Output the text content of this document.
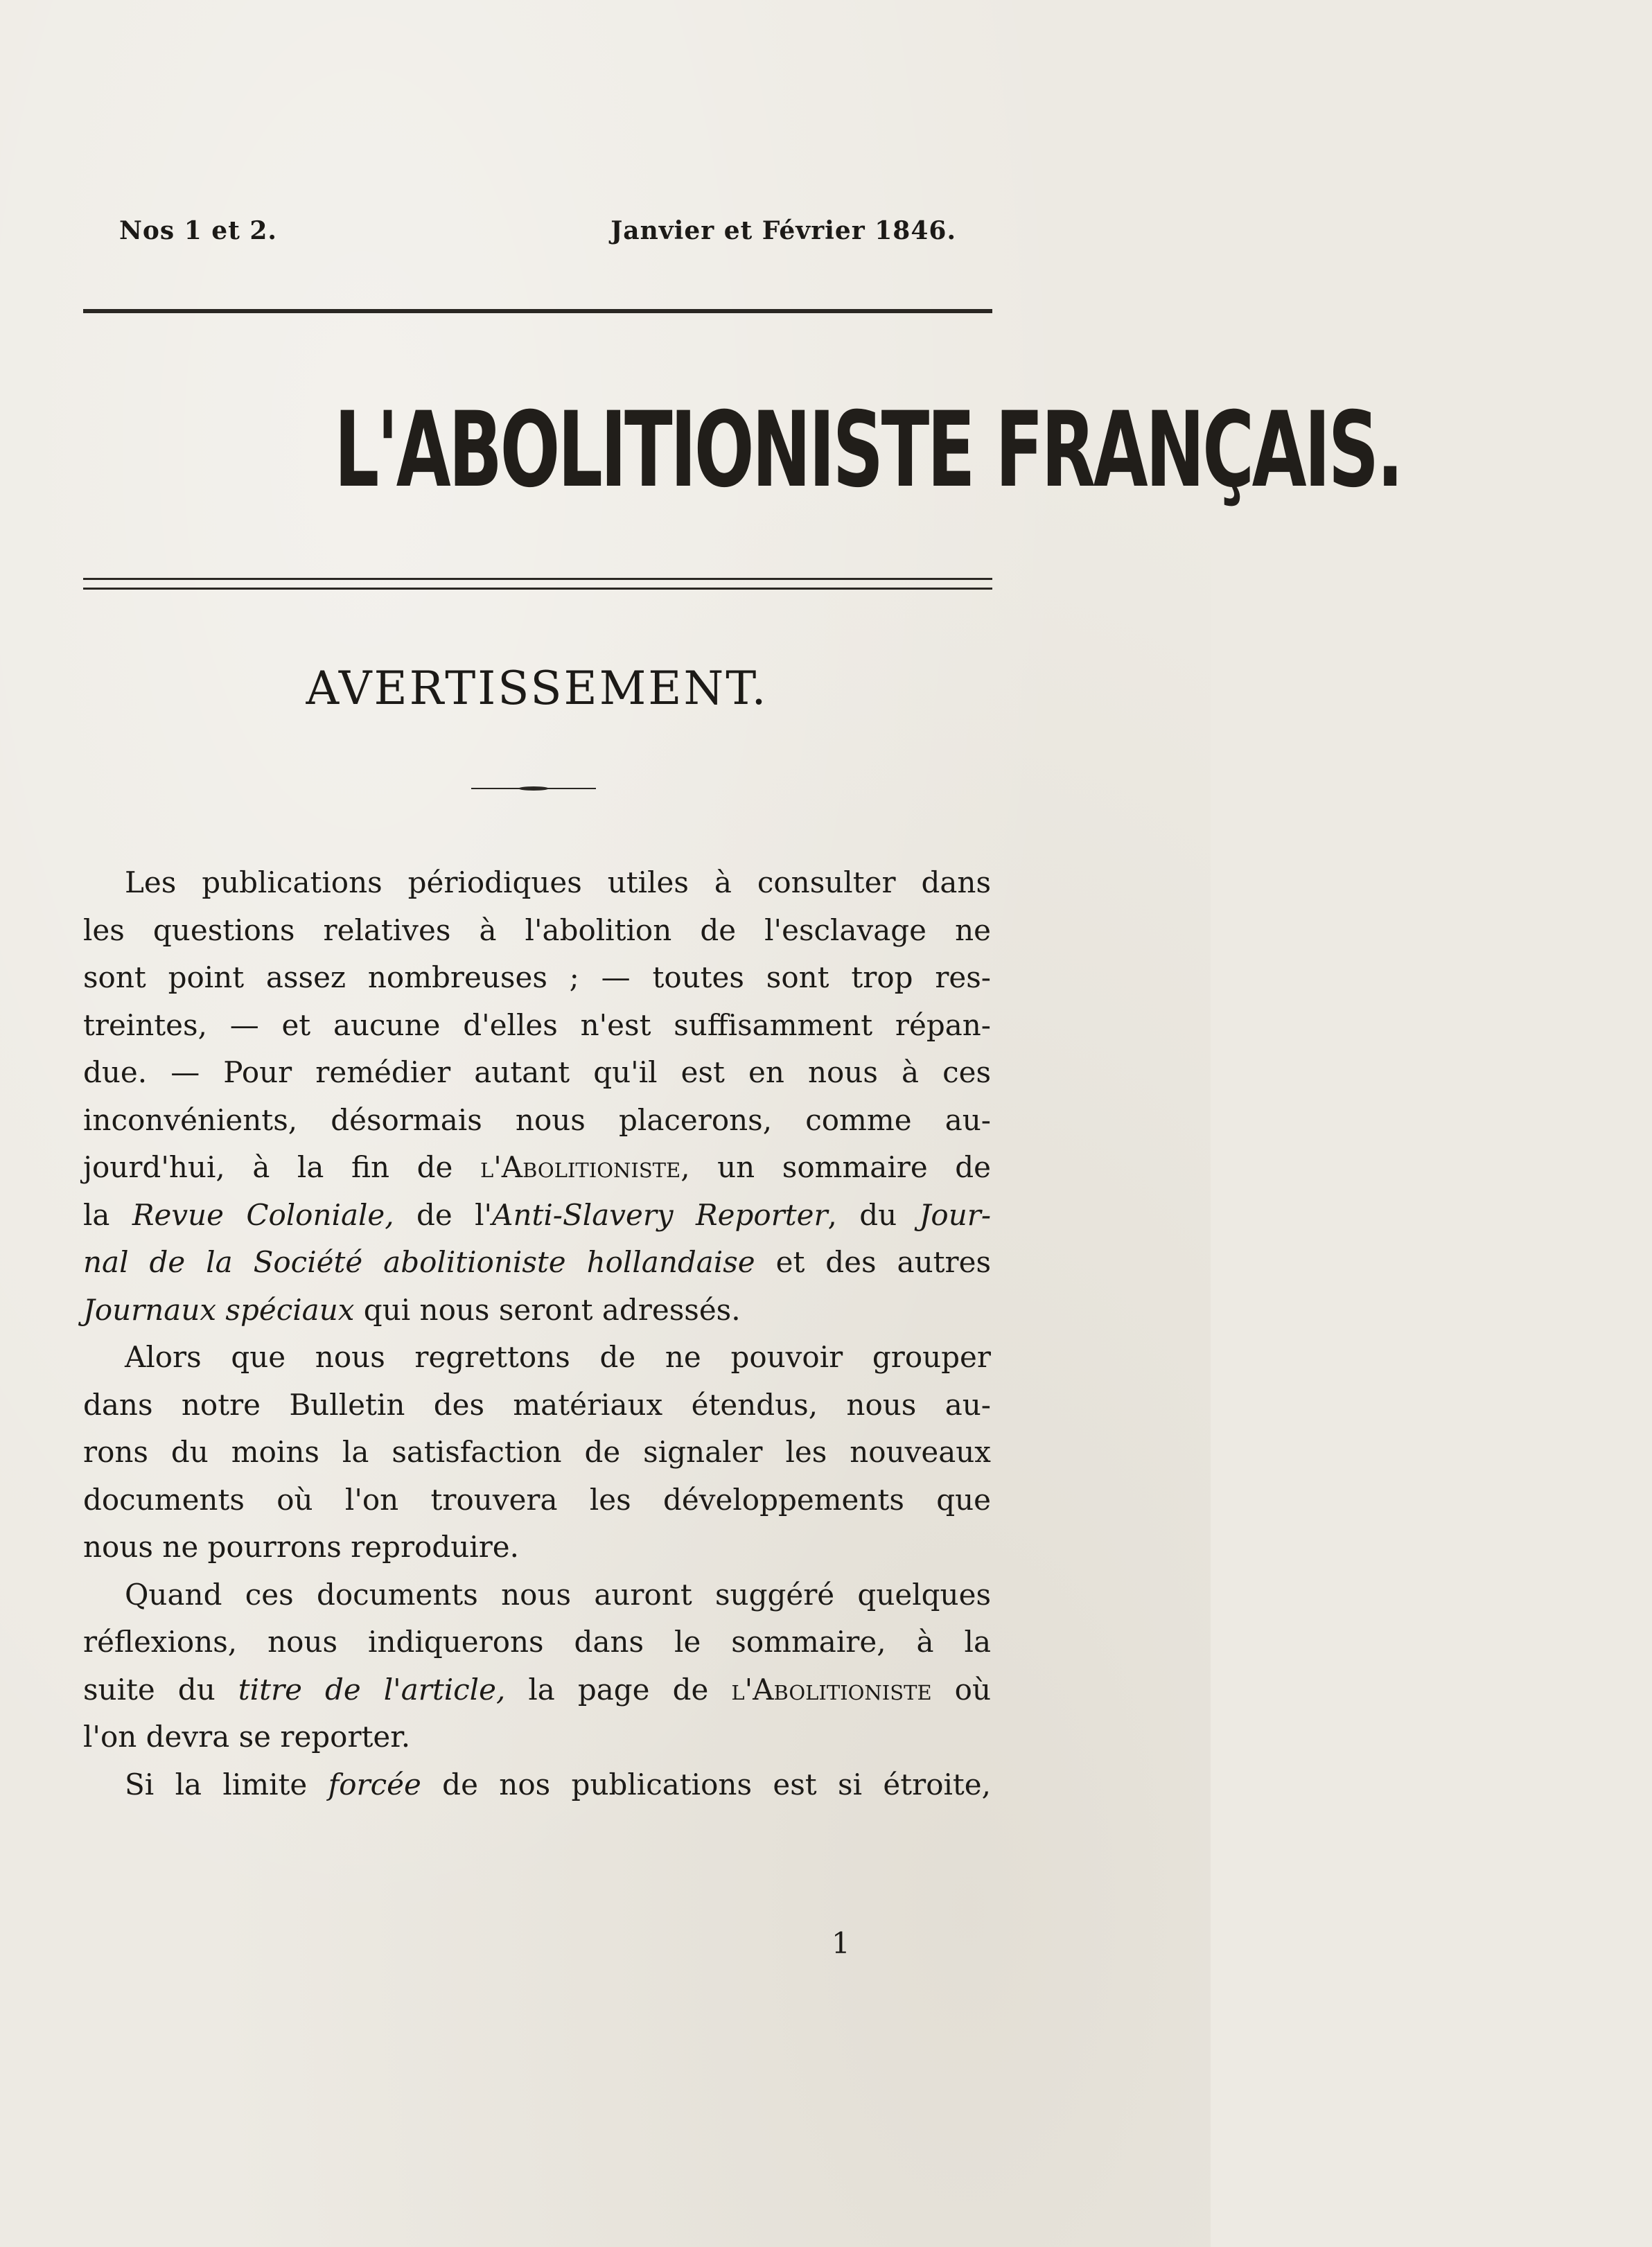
Nos 1 et 2.	Janvier et Février 1846.
L'ABOLITIONISTE FRANÇAIS.
AVERTISSEMENT.
Les publications périodiques utiles à consulter dans
les questions relatives à l'abolition de l'esclavage ne
sont point assez nombreuses ; — toutes sont trop res-
treintes, — et aucune d'elles n'est suffisamment répan-
due. — Pour remédier autant qu'il est en nous à ces
inconvénients, désormais nous placerons, comme au-
jourd'hui, à la fin de l'Abolitioniste, un sommaire de
la Revue Coloniale, de l'Anti-Slavery Reporter, du Jour-
nal de la Société abolitioniste hollandaise et des autres
Journaux spéciaux qui nous seront adressés.
Alors que nous regrettons de ne pouvoir grouper
dans notre Bulletin des matériaux étendus, nous au-
rons du moins la satisfaction de signaler les nouveaux
documents où l'on trouvera les développements que
nous ne pourrons reproduire.
Quand ces documents nous auront suggéré quelques
réflexions, nous indiquerons dans le sommaire, à la
suite du titre de l'article, la page de l'Abolitioniste où
l'on devra se reporter.
Si la limite forcée de nos publications est si étroite,
1
